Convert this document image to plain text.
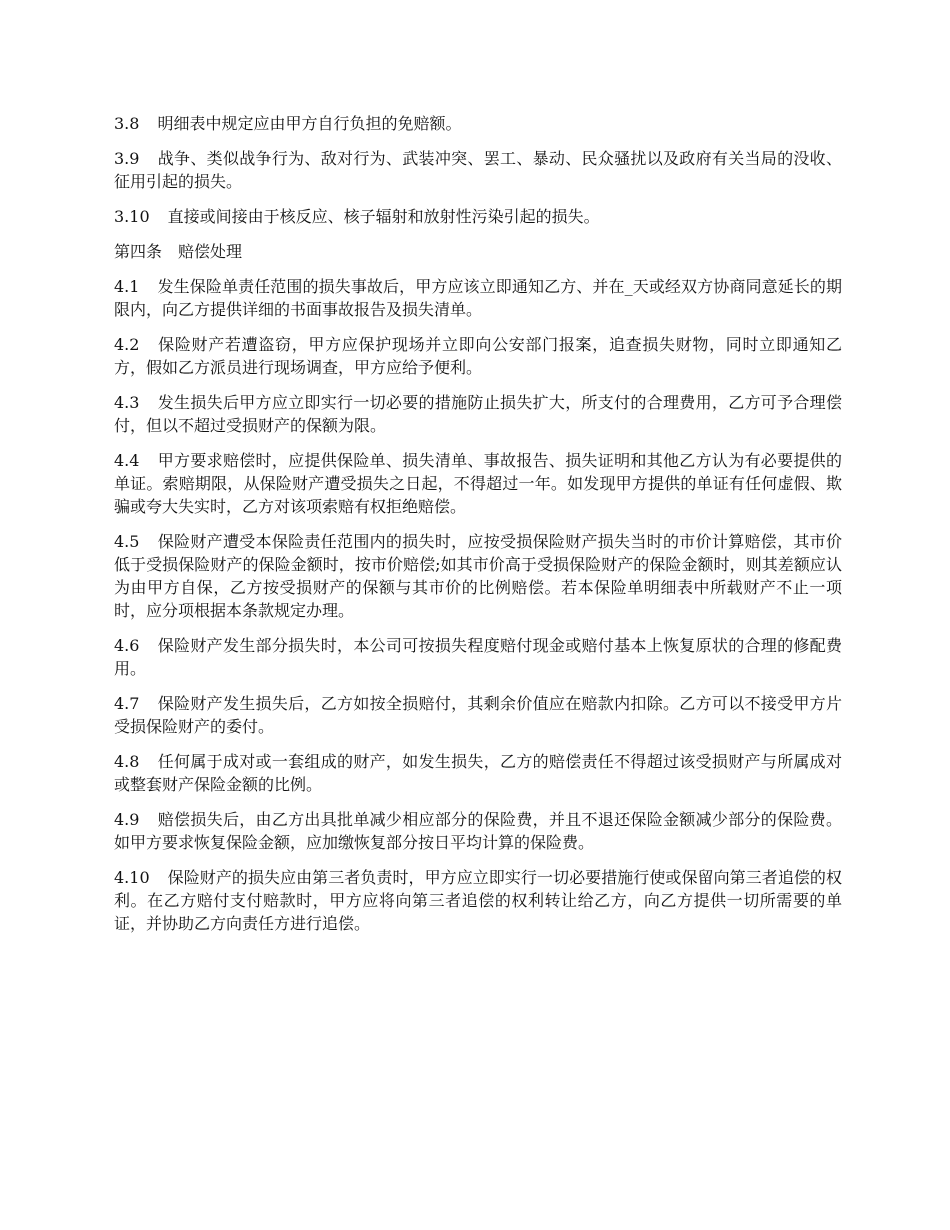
3.8 明细表中规定应由甲方自行负担的免赔额。

3.9 战争、类似战争行为、敌对行为、武装冲突、罢工、暴动、民众骚扰以及政府有关当局的没收、征用引起的损失。

3.10 直接或间接由于核反应、核子辐射和放射性污染引起的损失。

第四条　赔偿处理

4.1 发生保险单责任范围的损失事故后，甲方应该立即通知乙方、并在_天或经双方协商同意延长的期限内，向乙方提供详细的书面事故报告及损失清单。

4.2 保险财产若遭盗窃，甲方应保护现场并立即向公安部门报案，追查损失财物，同时立即通知乙方，假如乙方派员进行现场调查，甲方应给予便利。

4.3 发生损失后甲方应立即实行一切必要的措施防止损失扩大，所支付的合理费用，乙方可予合理偿付，但以不超过受损财产的保额为限。

4.4 甲方要求赔偿时，应提供保险单、损失清单、事故报告、损失证明和其他乙方认为有必要提供的单证。索赔期限，从保险财产遭受损失之日起，不得超过一年。如发现甲方提供的单证有任何虚假、欺骗或夸大失实时，乙方对该项索赔有权拒绝赔偿。

4.5 保险财产遭受本保险责任范围内的损失时，应按受损保险财产损失当时的市价计算赔偿，其市价低于受损保险财产的保险金额时，按市价赔偿;如其市价高于受损保险财产的保险金额时，则其差额应认为由甲方自保，乙方按受损财产的保额与其市价的比例赔偿。若本保险单明细表中所载财产不止一项时，应分项根据本条款规定办理。

4.6 保险财产发生部分损失时，本公司可按损失程度赔付现金或赔付基本上恢复原状的合理的修配费用。

4.7 保险财产发生损失后，乙方如按全损赔付，其剩余价值应在赔款内扣除。乙方可以不接受甲方片受损保险财产的委付。

4.8 任何属于成对或一套组成的财产，如发生损失，乙方的赔偿责任不得超过该受损财产与所属成对或整套财产保险金额的比例。

4.9 赔偿损失后，由乙方出具批单减少相应部分的保险费，并且不退还保险金额减少部分的保险费。如甲方要求恢复保险金额，应加缴恢复部分按日平均计算的保险费。

4.10 保险财产的损失应由第三者负责时，甲方应立即实行一切必要措施行使或保留向第三者追偿的权利。在乙方赔付支付赔款时，甲方应将向第三者追偿的权利转让给乙方，向乙方提供一切所需要的单证，并协助乙方向责任方进行追偿。
